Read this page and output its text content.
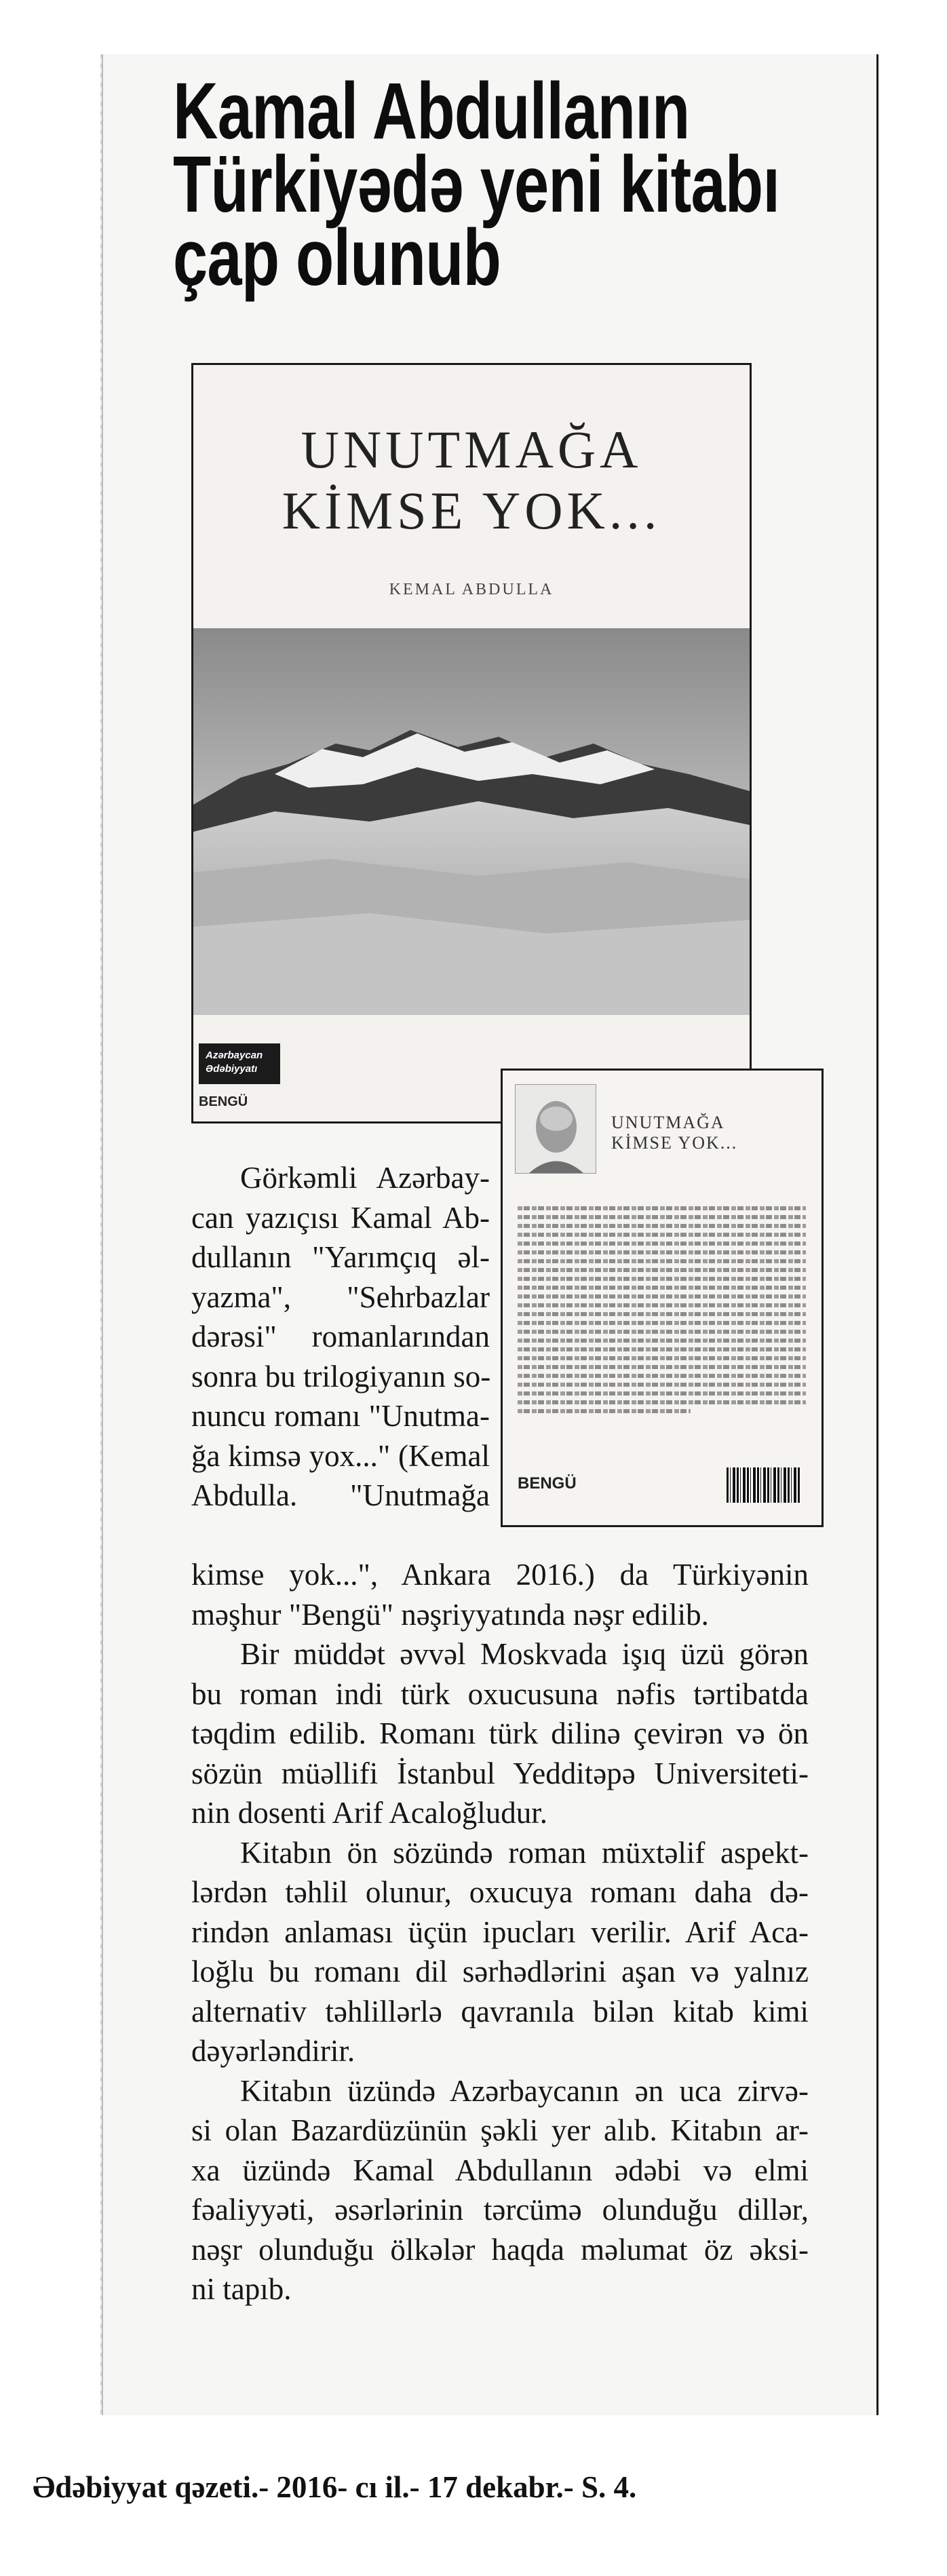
Kamal Abdullanın
Türkiyədə yeni kitabı
çap olunub
UNUTMAĞA
KİMSE YOK...
KEMAL ABDULLA
Azərbaycan
Ədəbiyyatı
BENGÜ
UNUTMAĞA
KİMSE YOK...
BENGÜ
Görkəmli Azərbay-
can yazıçısı Kamal Ab-
dullanın "Yarımçıq əl-
yazma", "Sehrbazlar
dərəsi" romanlarından
sonra bu trilogiyanın so-
nuncu romanı "Unutma-
ğa kimsə yox..." (Kemal
Abdulla. "Unutmağa
kimse yok...", Ankara 2016.) da Türkiyənin
məşhur "Bengü" nəşriyyatında nəşr edilib.
Bir müddət əvvəl Moskvada işıq üzü görən
bu roman indi türk oxucusuna nəfis tərtibatda
təqdim edilib. Romanı türk dilinə çevirən və ön
sözün müəllifi İstanbul Yedditəpə Universiteti-
nin dosenti Arif Acaloğludur.
Kitabın ön sözündə roman müxtəlif aspekt-
lərdən təhlil olunur, oxucuya romanı daha də-
rindən anlaması üçün ipucları verilir. Arif Aca-
loğlu bu romanı dil sərhədlərini aşan və yalnız
alternativ təhlillərlə qavranıla bilən kitab kimi
dəyərləndirir.
Kitabın üzündə Azərbaycanın ən uca zirvə-
si olan Bazardüzünün şəkli yer alıb. Kitabın ar-
xa üzündə Kamal Abdullanın ədəbi və elmi
fəaliyyəti, əsərlərinin tərcümə olunduğu dillər,
nəşr olunduğu ölkələr haqda məlumat öz əksi-
ni tapıb.
Ədəbiyyat qəzeti.- 2016- cı il.- 17 dekabr.- S. 4.
